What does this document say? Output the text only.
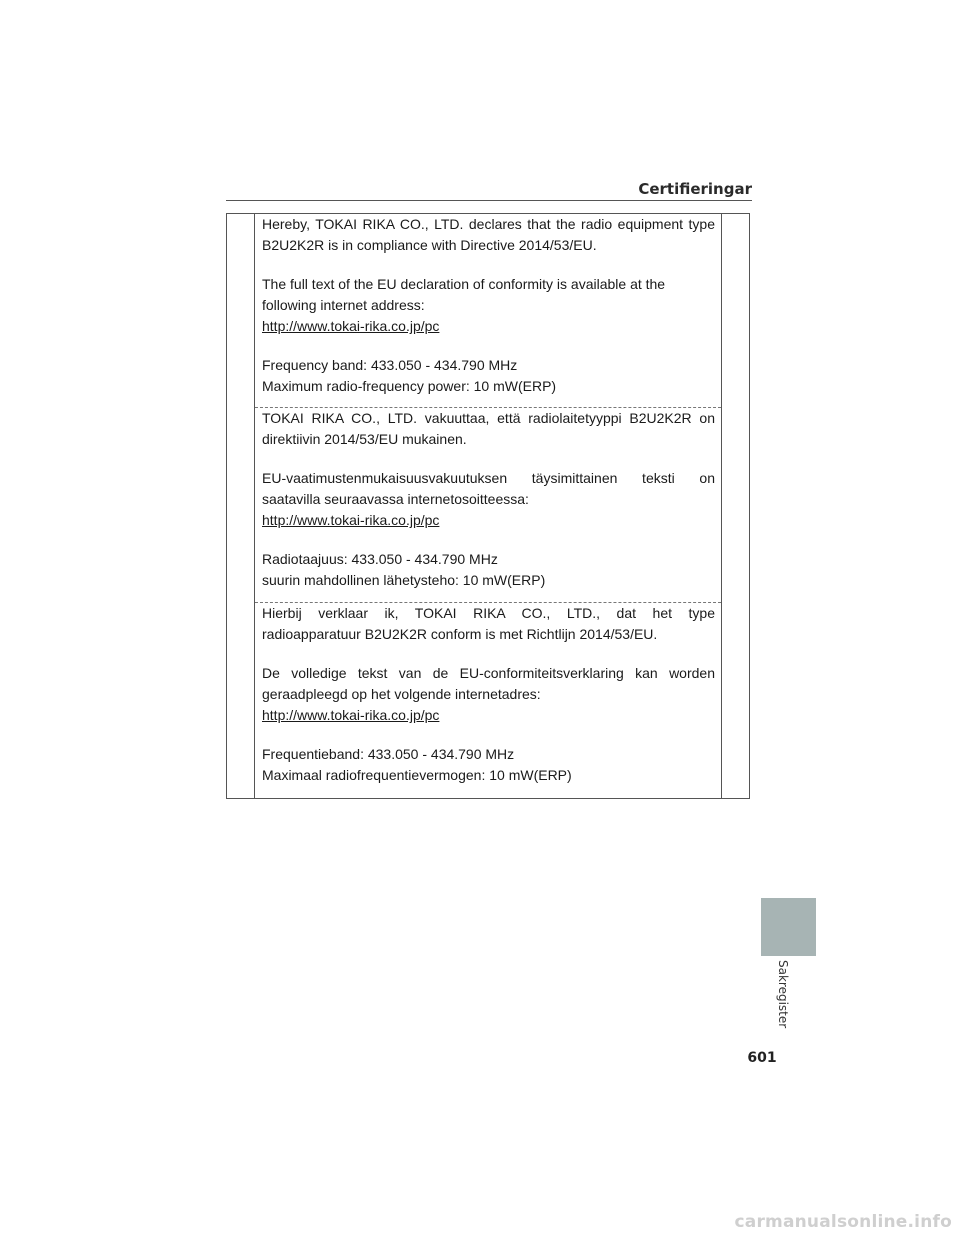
Certifieringar

Hereby, TOKAI RIKA CO., LTD. declares that the radio equipment type
B2U2K2R is in compliance with Directive 2014/53/EU.

The full text of the EU declaration of conformity is available at the
following internet address:
http://www.tokai-rika.co.jp/pc

Frequency band: 433.050 - 434.790 MHz
Maximum radio-frequency power: 10 mW(ERP)

TOKAI RIKA CO., LTD. vakuuttaa, että radiolaitetyyppi B2U2K2R on
direktiivin 2014/53/EU mukainen.

EU-vaatimustenmukaisuusvakuutuksen täysimittainen teksti on
saatavilla seuraavassa internetosoitteessa:
http://www.tokai-rika.co.jp/pc

Radiotaajuus: 433.050 - 434.790 MHz
suurin mahdollinen lähetysteho: 10 mW(ERP)

Hierbij verklaar ik, TOKAI RIKA CO., LTD., dat het type
radioapparatuur B2U2K2R conform is met Richtlijn 2014/53/EU.

De volledige tekst van de EU-conformiteitsverklaring kan worden
geraadpleegd op het volgende internetadres:
http://www.tokai-rika.co.jp/pc

Frequentieband: 433.050 - 434.790 MHz
Maximaal radiofrequentievermogen: 10 mW(ERP)

Sakregister
601
carmanualsonline.info
